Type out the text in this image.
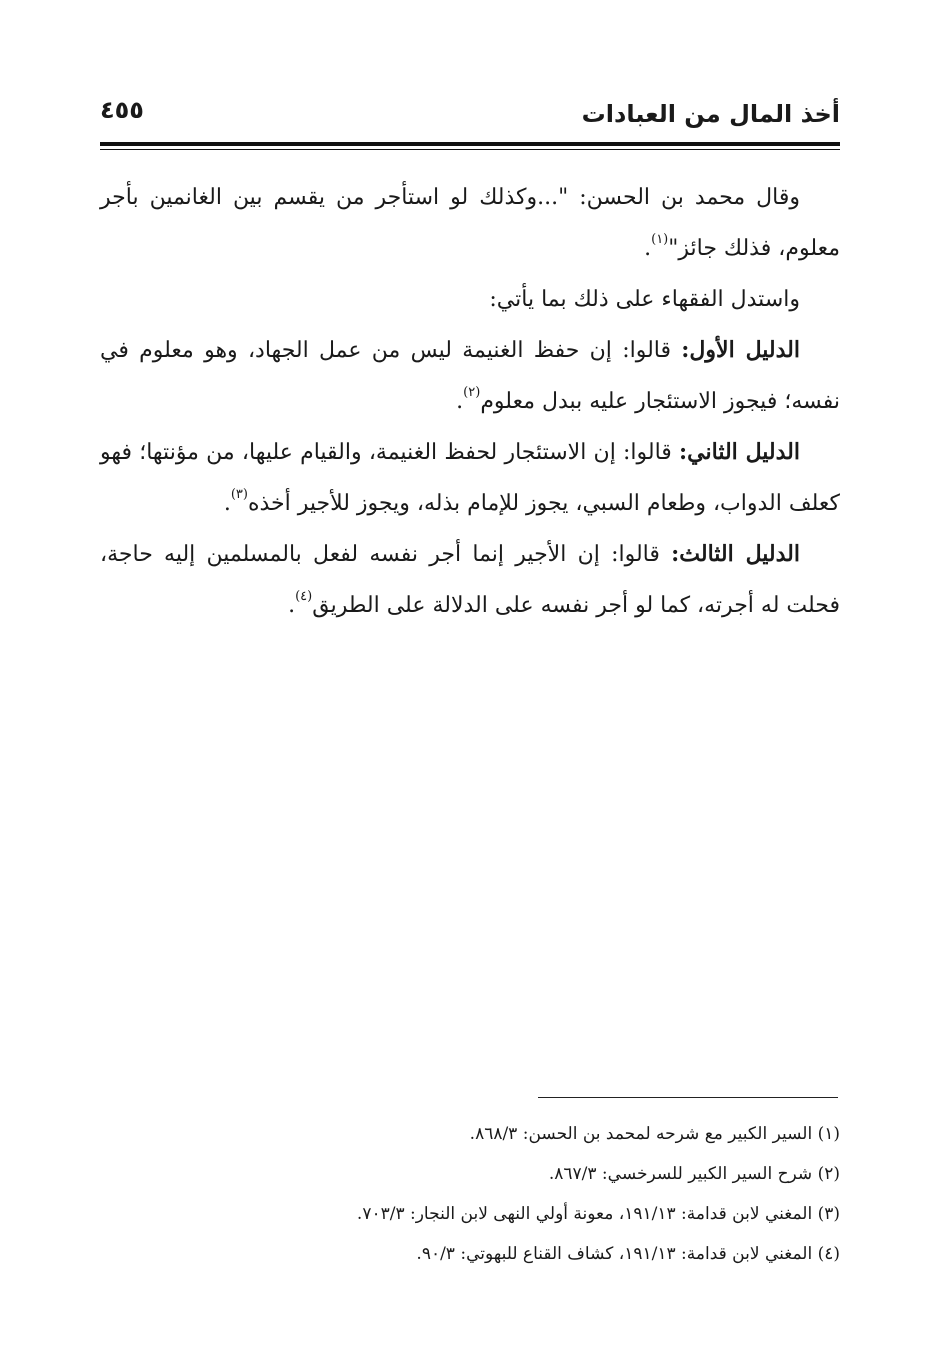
أخذ المال من العبادات
٤٥٥

وقال محمد بن الحسن: "...وكذلك لو استأجر من يقسم بين الغانمين بأجر معلوم، فذلك جائز"$^{(١)}$.

واستدل الفقهاء على ذلك بما يأتي:

الدليل الأول: قالوا: إن حفظ الغنيمة ليس من عمل الجهاد، وهو معلوم في نفسه؛ فيجوز الاستئجار عليه ببدل معلوم$^{(٢)}$.

الدليل الثاني: قالوا: إن الاستئجار لحفظ الغنيمة، والقيام عليها، من مؤنتها؛ فهو كعلف الدواب، وطعام السبي، يجوز للإمام بذله، ويجوز للأجير أخذه$^{(٣)}$.

الدليل الثالث: قالوا: إن الأجير إنما أجر نفسه لفعل بالمسلمين إليه حاجة، فحلت له أجرته، كما لو أجر نفسه على الدلالة على الطريق$^{(٤)}$.

(١) السير الكبير مع شرحه لمحمد بن الحسن: ٨٦٨/٣.

(٢) شرح السير الكبير للسرخسي: ٨٦٧/٣.

(٣) المغني لابن قدامة: ١٩١/١٣، معونة أولي النهى لابن النجار: ٧٠٣/٣.

(٤) المغني لابن قدامة: ١٩١/١٣، كشاف القناع للبهوتي: ٩٠/٣.
